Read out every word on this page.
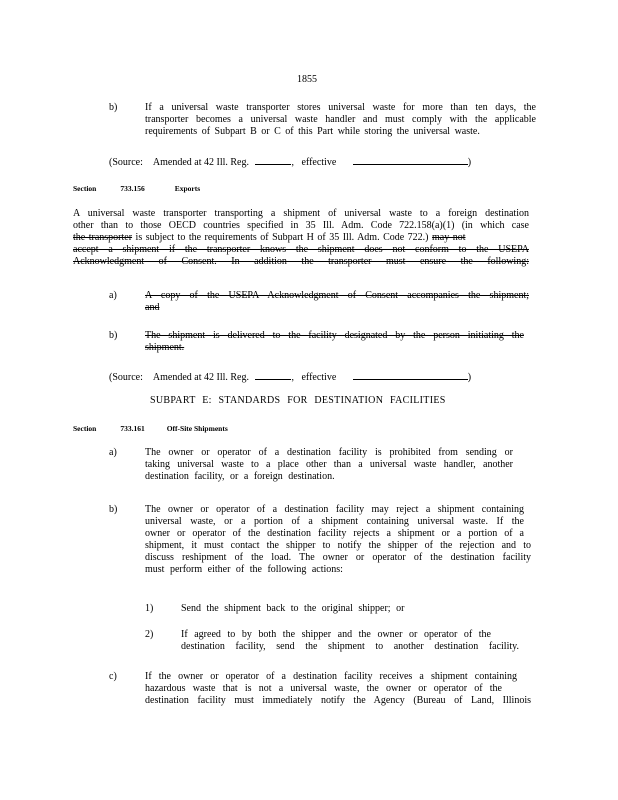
1855
b)	If a universal waste transporter stores universal waste for more than ten days, the
transporter becomes a universal waste handler and must comply with the applicable
requirements of Subpart B or C of this Part while storing the universal waste.
(Source: Amended at 42 Ill. Reg.	, effective	)
Section	733.156	Exports
A universal waste transporter transporting a shipment of universal waste to a foreign destination
other than to those OECD countries specified in 35 Ill. Adm. Code 722.158(a)(1) (in which case
the transporter is subject to the requirements of Subpart H of 35 Ill. Adm. Code 722.) may not
accept a shipment if the transporter knows the shipment does not conform to the USEPA
Acknowledgment of Consent. In addition the transporter must ensure the following:
a)	A copy of the USEPA Acknowledgment of Consent accompanies the shipment;
and
b)	The shipment is delivered to the facility designated by the person initiating the
shipment.
(Source: Amended at 42 Ill. Reg.	, effective	)
SUBPART E: STANDARDS FOR DESTINATION FACILITIES
Section	733.161	Off-Site Shipments
a)	The owner or operator of a destination facility is prohibited from sending or
taking universal waste to a place other than a universal waste handler, another
destination facility, or a foreign destination.
b)	The owner or operator of a destination facility may reject a shipment containing
universal waste, or a portion of a shipment containing universal waste. If the
owner or operator of the destination facility rejects a shipment or a portion of a
shipment, it must contact the shipper to notify the shipper of the rejection and to
discuss reshipment of the load. The owner or operator of the destination facility
must perform either of the following actions:
1)	Send the shipment back to the original shipper; or
2)	If agreed to by both the shipper and the owner or operator of the
destination facility, send the shipment to another destination facility.
c)	If the owner or operator of a destination facility receives a shipment containing
hazardous waste that is not a universal waste, the owner or operator of the
destination facility must immediately notify the Agency (Bureau of Land, Illinois
